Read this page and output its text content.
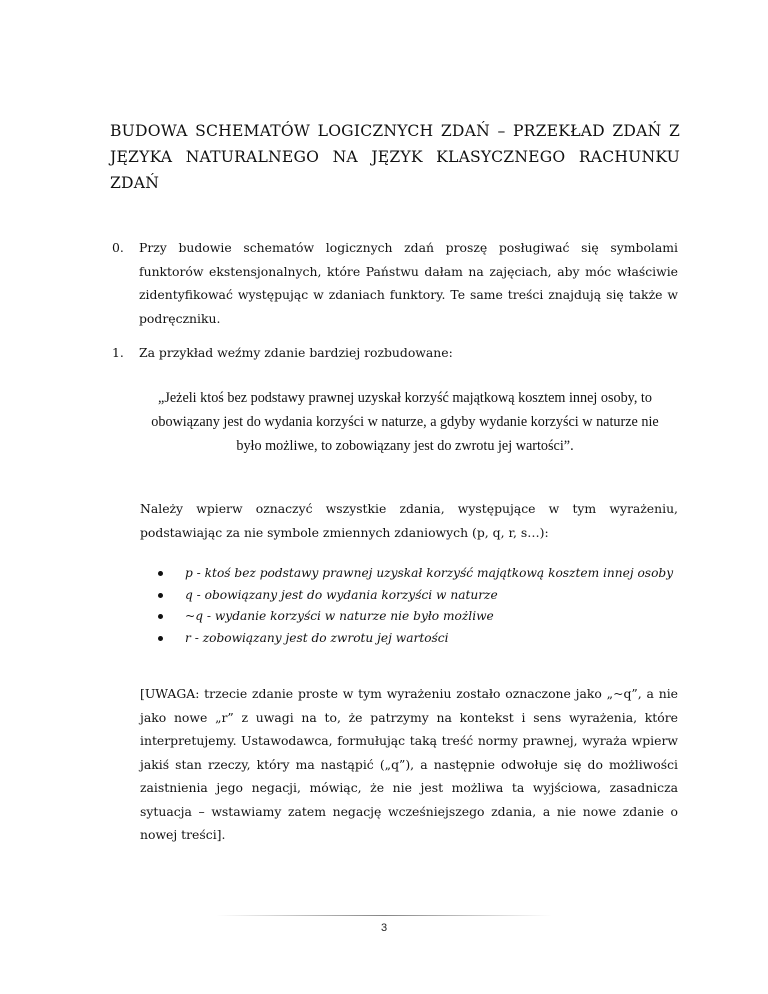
BUDOWA SCHEMATÓW LOGICZNYCH ZDAŃ – PRZEKŁAD ZDAŃ Z JĘZYKA NATURALNEGO NA JĘZYK KLASYCZNEGO RACHUNKU ZDAŃ
0. Przy budowie schematów logicznych zdań proszę posługiwać się symbolami funktorów ekstensjonalnych, które Państwu dałam na zajęciach, aby móc właściwie zidentyfikować występując w zdaniach funktory. Te same treści znajdują się także w podręczniku.
1. Za przykład weźmy zdanie bardziej rozbudowane:
„Jeżeli ktoś bez podstawy prawnej uzyskał korzyść majątkową kosztem innej osoby, to obowiązany jest do wydania korzyści w naturze, a gdyby wydanie korzyści w naturze nie było możliwe, to zobowiązany jest do zwrotu jej wartości”.
Należy wpierw oznaczyć wszystkie zdania, występujące w tym wyrażeniu, podstawiając za nie symbole zmiennych zdaniowych (p, q, r, s…):
p - ktoś bez podstawy prawnej uzyskał korzyść majątkową kosztem innej osoby
q - obowiązany jest do wydania korzyści w naturze
~q - wydanie korzyści w naturze nie było możliwe
r - zobowiązany jest do zwrotu jej wartości
[UWAGA: trzecie zdanie proste w tym wyrażeniu zostało oznaczone jako „~q”, a nie jako nowe „r” z uwagi na to, że patrzymy na kontekst i sens wyrażenia, które interpretujemy. Ustawodawca, formułując taką treść normy prawnej, wyraża wpierw jakiś stan rzeczy, który ma nastąpić („q”), a następnie odwołuje się do możliwości zaistnienia jego negacji, mówiąc, że nie jest możliwa ta wyjściowa, zasadnicza sytuacja – wstawiamy zatem negację wcześniejszego zdania, a nie nowe zdanie o nowej treści].
3
